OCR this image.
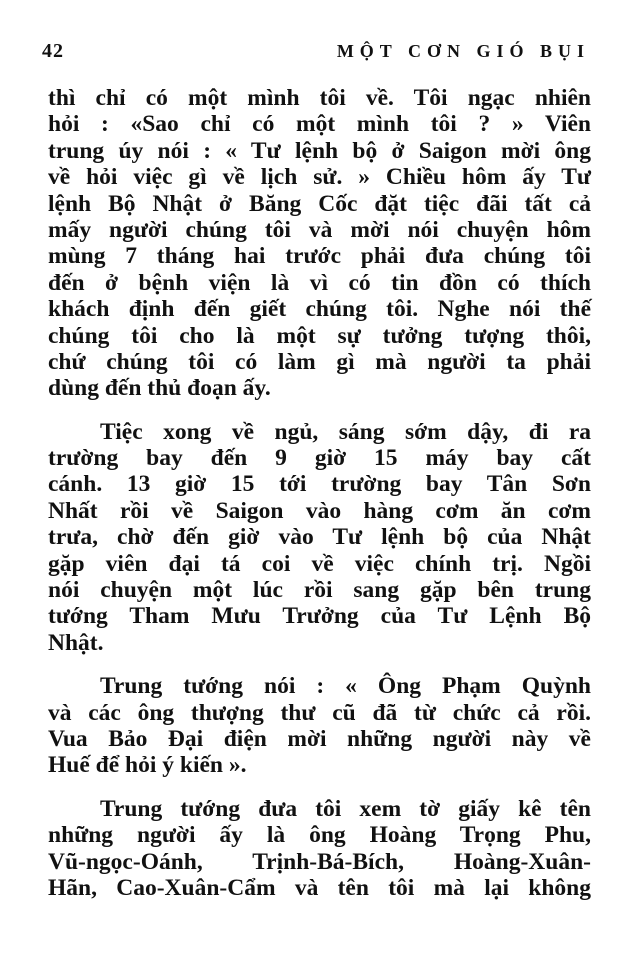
42	MỘT CƠN GIÓ BỤI
thì chỉ có một mình tôi về. Tôi ngạc nhiên
hỏi : «Sao chỉ có một mình tôi ? » Viên
trung úy nói : « Tư lệnh bộ ở Saigon mời ông
về hỏi việc gì về lịch sử. » Chiều hôm ấy Tư
lệnh Bộ Nhật ở Băng Cốc đặt tiệc đãi tất cả
mấy người chúng tôi và mời nói chuyện hôm
mùng 7 tháng hai trước phải đưa chúng tôi
đến ở bệnh viện là vì có tin đồn có thích
khách định đến giết chúng tôi. Nghe nói thế
chúng tôi cho là một sự tưởng tượng thôi,
chứ chúng tôi có làm gì mà người ta phải
dùng đến thủ đoạn ấy.
Tiệc xong về ngủ, sáng sớm dậy, đi ra
trường bay đến 9 giờ 15 máy bay cất
cánh. 13 giờ 15 tới trường bay Tân Sơn
Nhất rồi về Saigon vào hàng cơm ăn cơm
trưa, chờ đến giờ vào Tư lệnh bộ của Nhật
gặp viên đại tá coi về việc chính trị. Ngồi
nói chuyện một lúc rồi sang gặp bên trung
tướng Tham Mưu Trưởng của Tư Lệnh Bộ
Nhật.
Trung tướng nói : « Ông Phạm Quỳnh
và các ông thượng thư cũ đã từ chức cả rồi.
Vua Bảo Đại điện mời những người này về
Huế để hỏi ý kiến ».
Trung tướng đưa tôi xem tờ giấy kê tên
những người ấy là ông Hoàng Trọng Phu,
Vũ-ngọc-Oánh, Trịnh-Bá-Bích, Hoàng-Xuân-
Hãn, Cao-Xuân-Cẩm và tên tôi mà lại không
